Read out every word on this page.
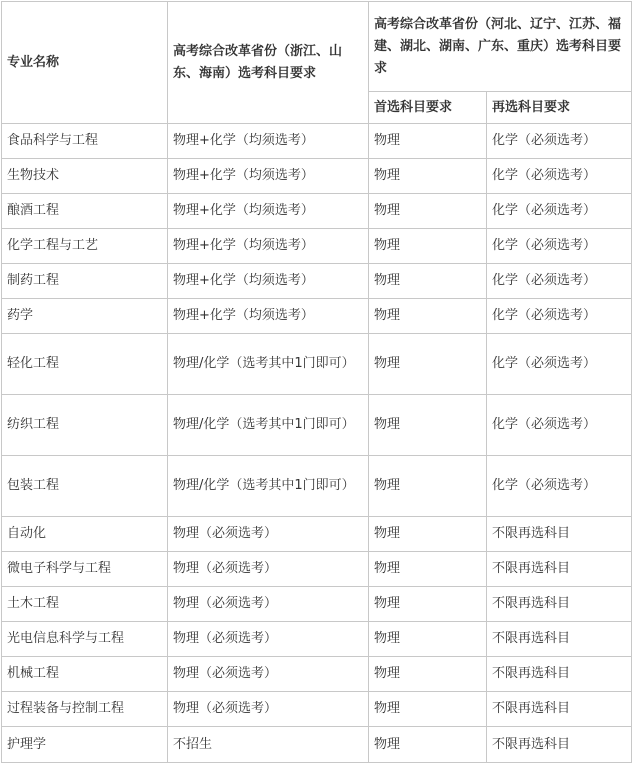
专业名称	高考综合改革省份（浙江、山东、海南）选考科目要求	高考综合改革省份（河北、辽宁、江苏、福建、湖北、湖南、广东、重庆）选考科目要求	
		首选科目要求	再选科目要求
食品科学与工程	物理+化学（均须选考）	物理	化学（必须选考）
生物技术	物理+化学（均须选考）	物理	化学（必须选考）
酿酒工程	物理+化学（均须选考）	物理	化学（必须选考）
化学工程与工艺	物理+化学（均须选考）	物理	化学（必须选考）
制药工程	物理+化学（均须选考）	物理	化学（必须选考）
药学	物理+化学（均须选考）	物理	化学（必须选考）
轻化工程	物理/化学（选考其中1门即可）	物理	化学（必须选考）
纺织工程	物理/化学（选考其中1门即可）	物理	化学（必须选考）
包装工程	物理/化学（选考其中1门即可）	物理	化学（必须选考）
自动化	物理（必须选考）	物理	不限再选科目
微电子科学与工程	物理（必须选考）	物理	不限再选科目
土木工程	物理（必须选考）	物理	不限再选科目
光电信息科学与工程	物理（必须选考）	物理	不限再选科目
机械工程	物理（必须选考）	物理	不限再选科目
过程装备与控制工程	物理（必须选考）	物理	不限再选科目
护理学	不招生	物理	不限再选科目
